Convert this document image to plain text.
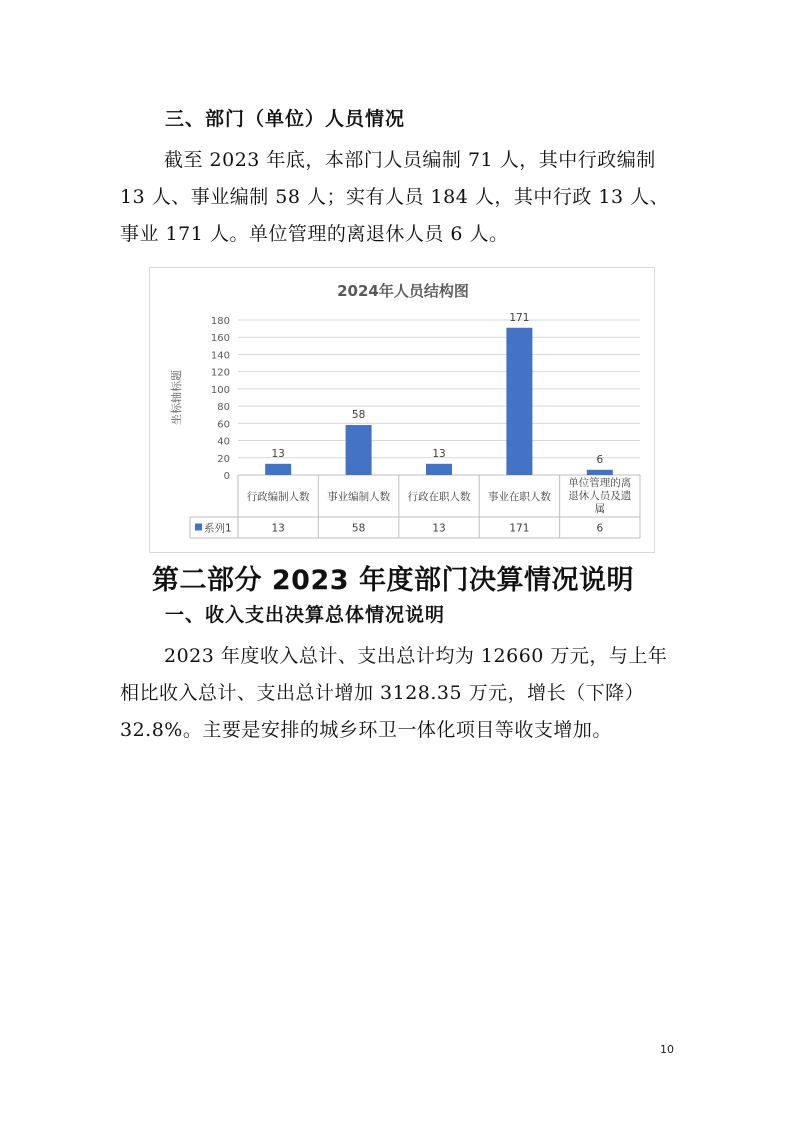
三、部门（单位）人员情况

截至 2023 年底，本部门人员编制 71 人，其中行政编制
13 人、事业编制 58 人；实有人员 184 人，其中行政 13 人、
事业 171 人。单位管理的离退休人员 6 人。

2024年人员结构图
坐标轴标题
0
20
40
60
80
100
120
140
160
180
13
58
13
171
6
行政编制人数 事业编制人数 行政在职人数 事业在职人数
单位管理的离
退休人员及遗
属
系列1	13	58	13	171	6
第二部分 2023 年度部门决算情况说明
一、收入支出决算总体情况说明

2023 年度收入总计、支出总计均为 12660 万元，与上年
相比收入总计、支出总计增加 3128.35 万元，增长（下降）
32.8%。主要是安排的城乡环卫一体化项目等收支增加。

10
